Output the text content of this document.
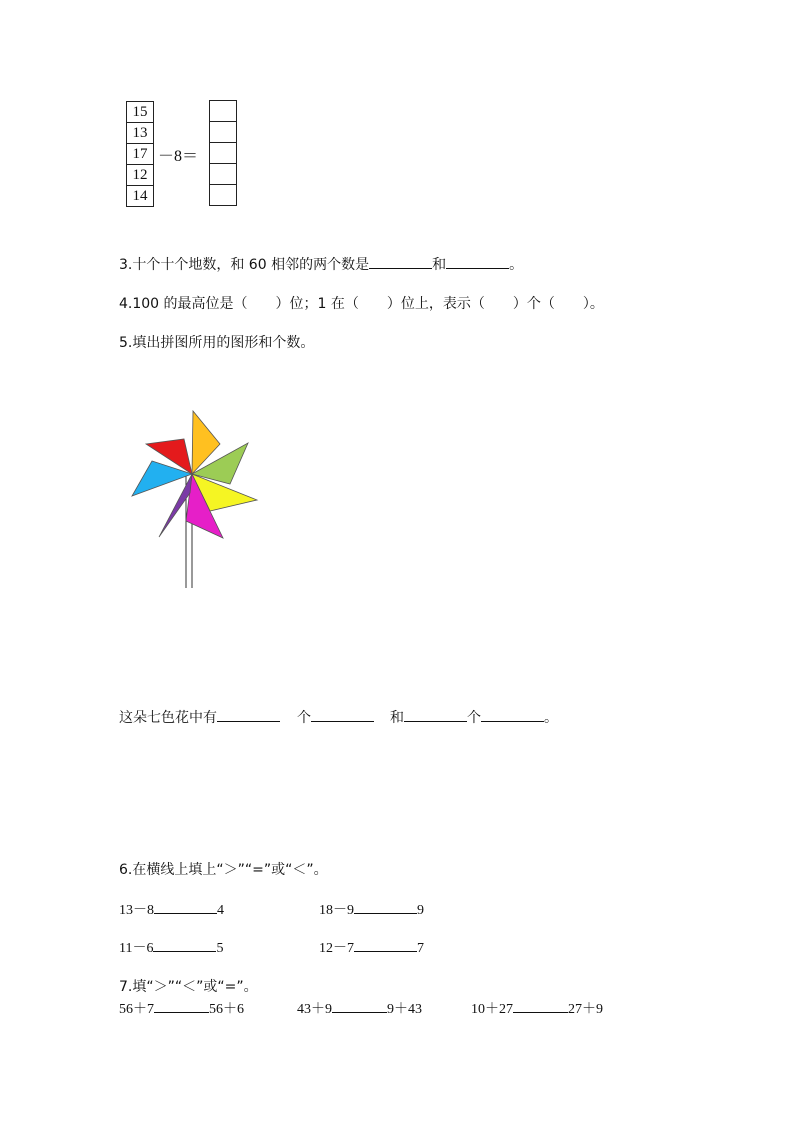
15
13
17
12
14
－8＝
3.十个十个地数，和 60 相邻的两个数是	和	。
4.100 的最高位是（　　）位；1 在（　　）位上，表示（　　）个（　　）。
5.填出拼图所用的图形和个数。
这朵七色花中有	个	和	个	。
6.在横线上填上“＞”“=”或“＜”。
13－8	4	18－9	9
11－6	5	12－7	7
7.填“＞”“＜”或“=”。
56＋7	56＋6	43＋9	9＋43	10＋27	27＋9
